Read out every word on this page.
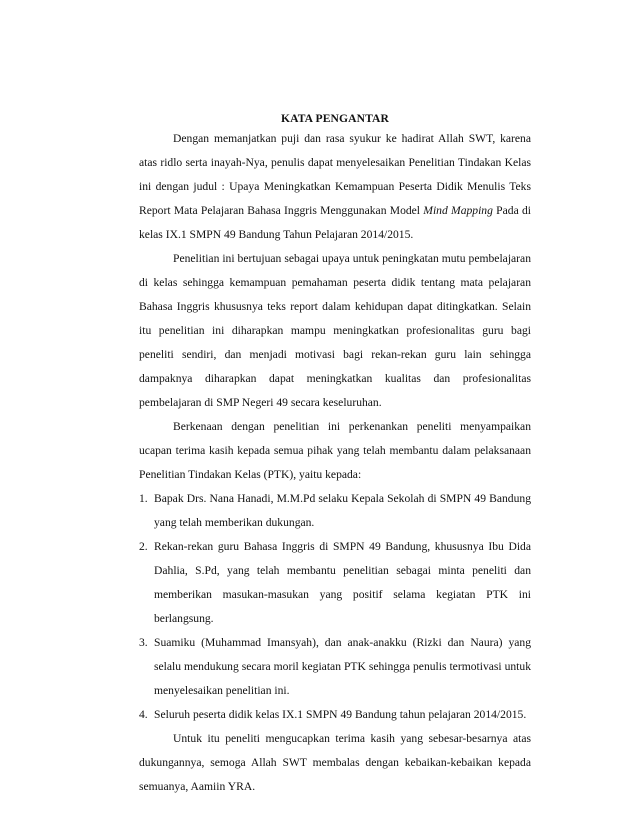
KATA PENGANTAR

Dengan memanjatkan puji dan rasa syukur ke hadirat Allah SWT, karena atas ridlo serta inayah-Nya, penulis dapat menyelesaikan Penelitian Tindakan Kelas ini dengan judul : Upaya Meningkatkan Kemampuan Peserta Didik Menulis Teks Report Mata Pelajaran Bahasa Inggris Menggunakan Model Mind Mapping Pada di kelas IX.1 SMPN 49 Bandung Tahun Pelajaran 2014/2015.

Penelitian ini bertujuan sebagai upaya untuk peningkatan mutu pembelajaran di kelas sehingga kemampuan pemahaman peserta didik tentang mata pelajaran Bahasa Inggris khususnya teks report dalam kehidupan dapat ditingkatkan. Selain itu penelitian ini diharapkan mampu meningkatkan profesionalitas guru bagi peneliti sendiri, dan menjadi motivasi bagi rekan-rekan guru lain sehingga dampaknya diharapkan dapat meningkatkan kualitas dan profesionalitas pembelajaran di SMP Negeri 49 secara keseluruhan.

Berkenaan dengan penelitian ini perkenankan peneliti menyampaikan ucapan terima kasih kepada semua pihak yang telah membantu dalam pelaksanaan Penelitian Tindakan Kelas (PTK), yaitu kepada:

1. Bapak Drs. Nana Hanadi, M.M.Pd selaku Kepala Sekolah di SMPN 49 Bandung yang telah memberikan dukungan.
2. Rekan-rekan guru Bahasa Inggris di SMPN 49 Bandung, khususnya Ibu Dida Dahlia, S.Pd, yang telah membantu penelitian sebagai minta peneliti dan memberikan masukan-masukan yang positif selama kegiatan PTK ini berlangsung.
3. Suamiku (Muhammad Imansyah), dan anak-anakku (Rizki dan Naura) yang selalu mendukung secara moril kegiatan PTK sehingga penulis termotivasi untuk menyelesaikan penelitian ini.
4. Seluruh peserta didik kelas IX.1 SMPN 49 Bandung tahun pelajaran 2014/2015.

Untuk itu peneliti mengucapkan terima kasih yang sebesar-besarnya atas dukungannya, semoga Allah SWT membalas dengan kebaikan-kebaikan kepada semuanya, Aamiin YRA.
